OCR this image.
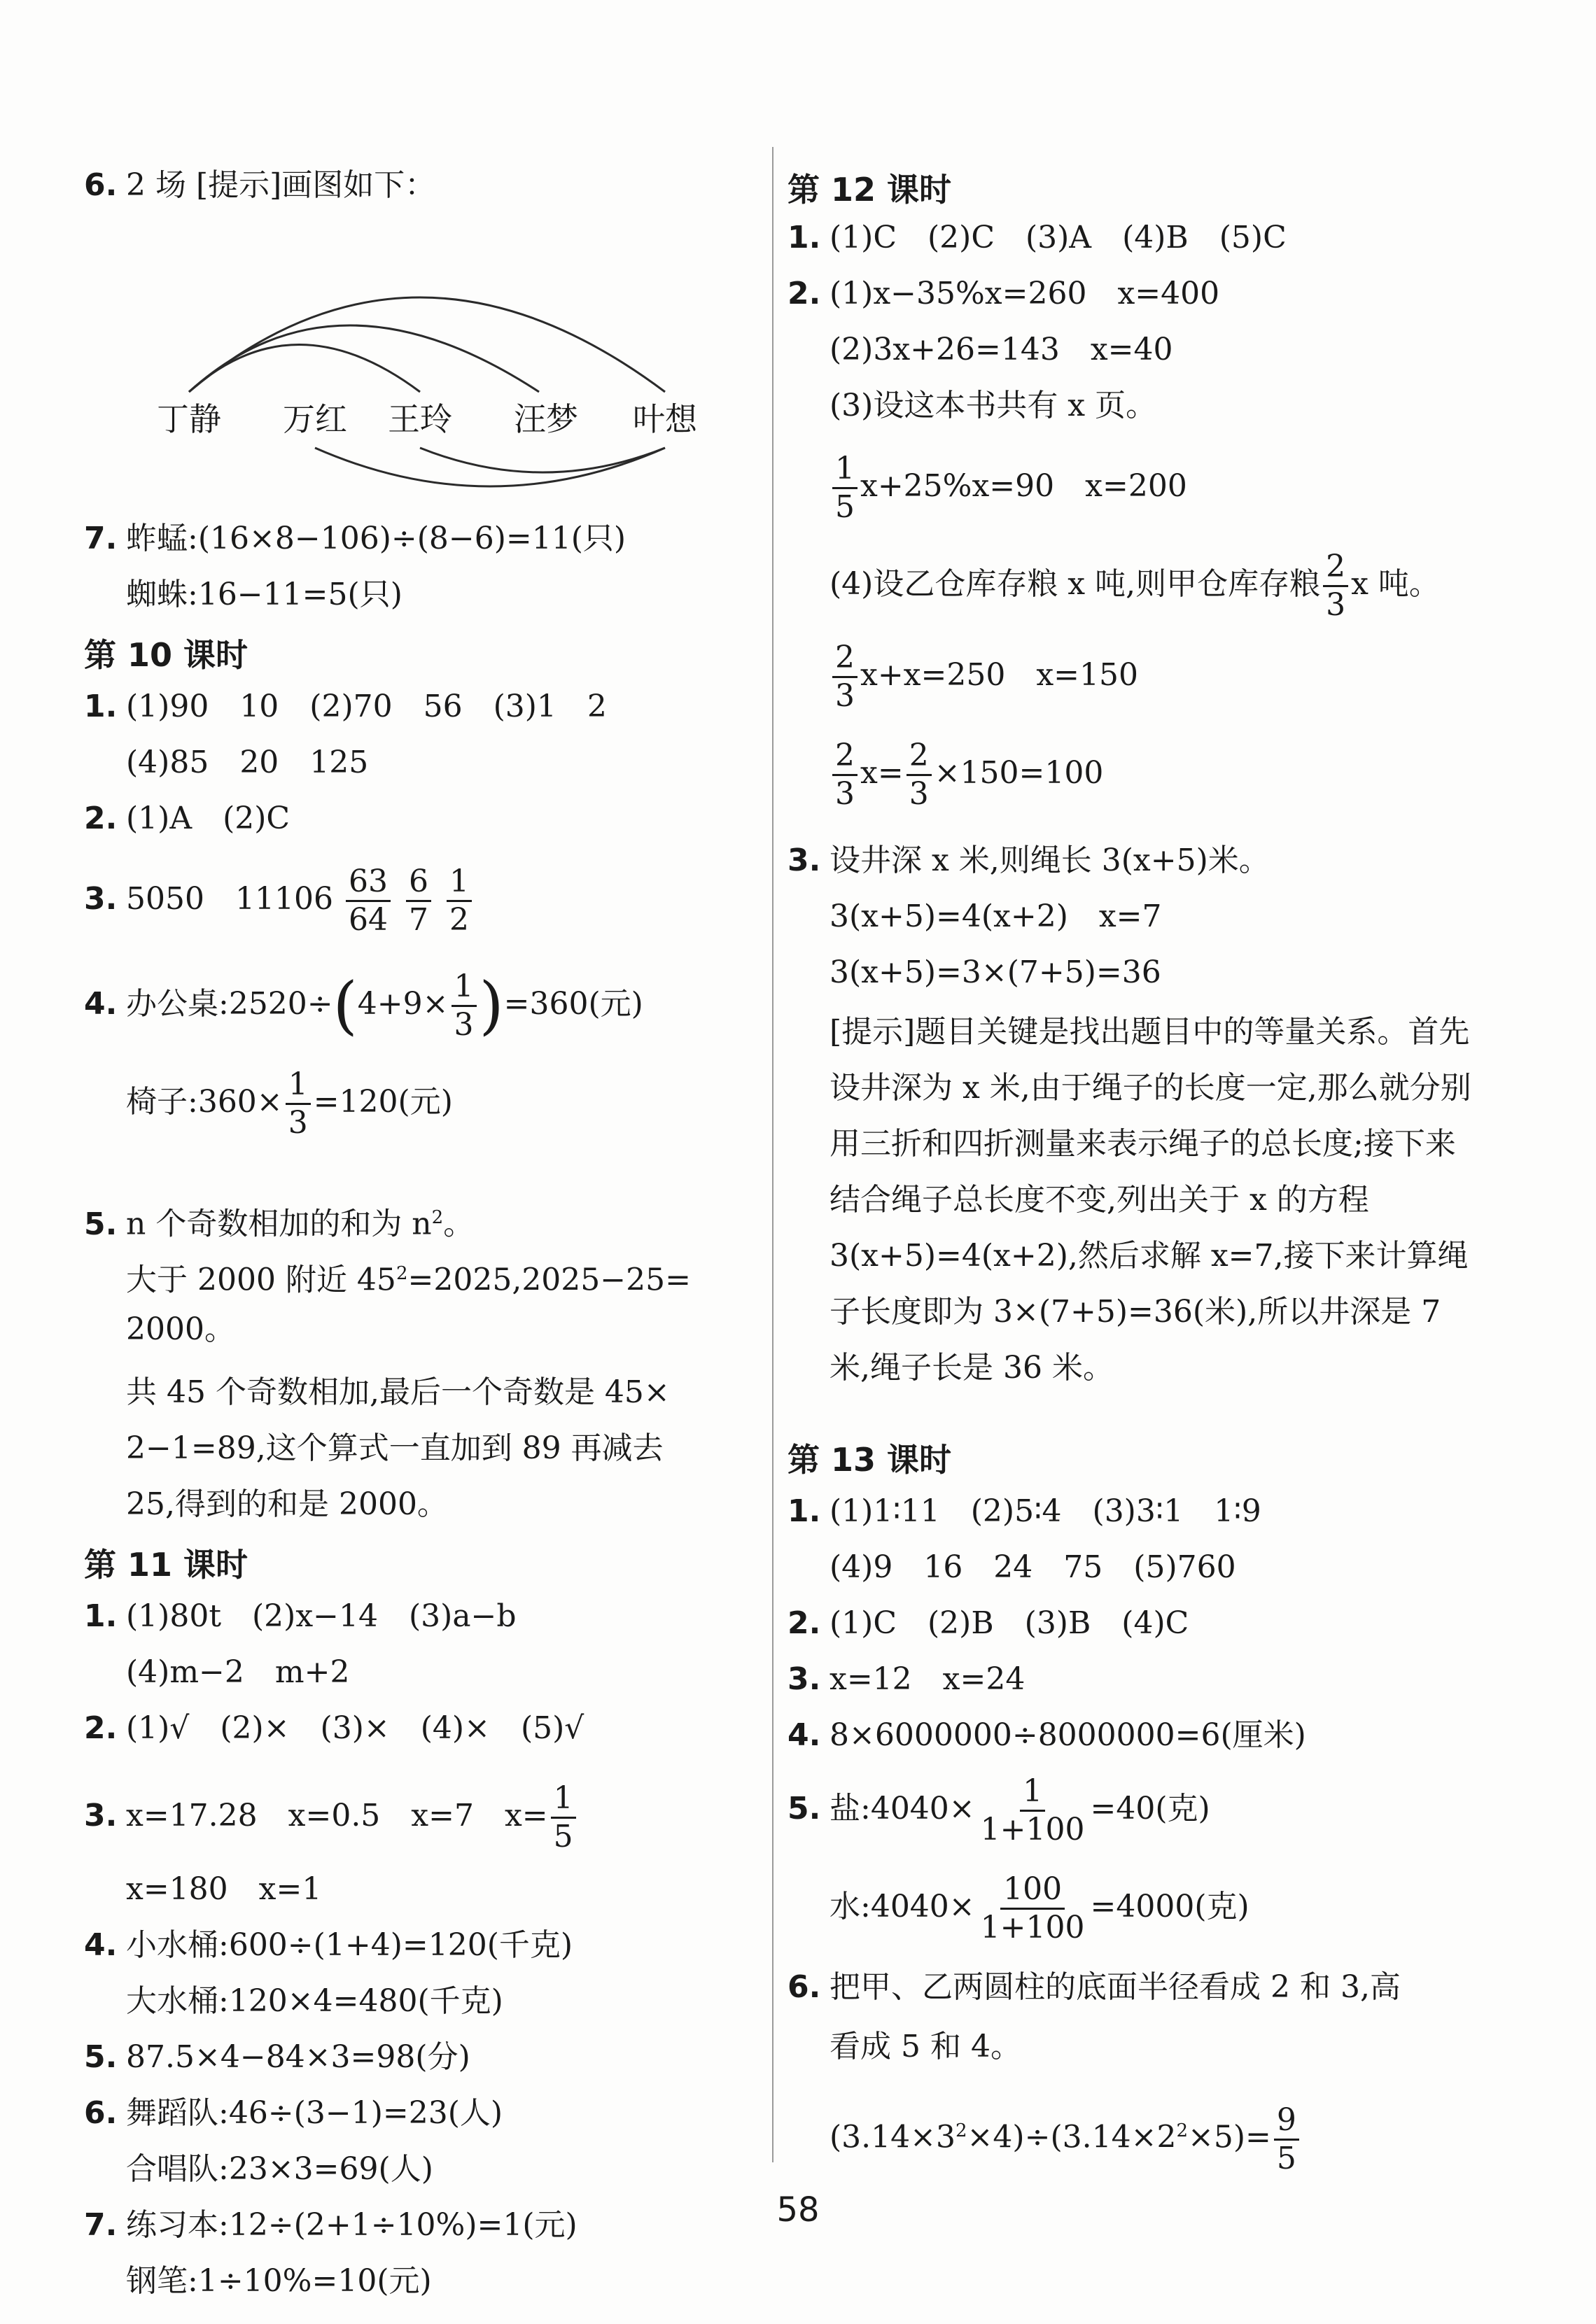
6. 2 场 [提示]画图如下：
丁静 万红 王玲 汪梦 叶想
7. 蚱蜢:(16×8−106)÷(8−6)=11(只)
蜘蛛:16−11=5(只)
第 10 课时
1. (1)90　10　(2)70　56　(3)1　2
(4)85　20　125
2. (1)A　(2)C
3. 5050　$11106 \frac{63}{64}$
$\frac{6}{7}$
$\frac{1}{2}$
4. 办公桌:2520÷(4+9× $\frac{1}{3} )=360$(元)
椅子:360× $\frac{1}{3} =120$(元)
5. n 个奇数相加的和为 $n^2$。
大于 2000 附近 $45^2=2025,2025-25=$
2000。
共 45 个奇数相加,最后一个奇数是 45×
2−1=89,这个算式一直加到 89 再减去
25,得到的和是 2000。
第 11 课时
1. (1)80t　(2)x−14　(3)a−b
(4)m−2　m+2
2. (1)√　(2)×　(3)×　(4)×　(5)√
3. x=17.28　x=0.5　x=7　$x= \frac{1}{5}$
x=180　x=1
4. 小水桶:600÷(1+4)=120(千克)
大水桶:120×4=480(千克)
5. 87.5×4−84×3=98(分)
6. 舞蹈队:46÷(3−1)=23(人)
合唱队:23×3=69(人)
7. 练习本:12÷(2+1÷10%)=1(元)
钢笔:1÷10%=10(元)
第 12 课时
1. (1)C　(2)C　(3)A　(4)B　(5)C
2. (1)x−35%x=260　x=400
(2)3x+26=143　x=40
(3)设这本书共有 x 页。
$\frac{1}{5} x+25\%x=90$　x=200
(4)设乙仓库存粮 x 吨,则甲仓库存粮 $\frac{2}{3}$ x 吨。
$\frac{2}{3} x+x=250$　x=150
$\frac{2}{3} x= \frac{2}{3} \times 150=100$
3. 设井深 x 米,则绳长 3(x+5)米。
3(x+5)=4(x+2)　x=7
3(x+5)=3×(7+5)=36
[提示]题目关键是找出题目中的等量关系。首先设井深为 x 米,由于绳子的长度一定,那么就分别用三折和四折测量来表示绳子的总长度;接下来结合绳子总长度不变,列出关于 x 的方程 3(x+5)=4(x+2),然后求解 x=7,接下来计算绳子长度即为 3×(7+5)=36(米),所以井深是 7 米,绳子长是 36 米。
第 13 课时
1. (1)1∶11　(2)5∶4　(3)3∶1　1∶9
(4)9　16　24　75　(5)760
2. (1)C　(2)B　(3)B　(4)C
3. x=12　x=24
4. 8×6000000÷8000000=6(厘米)
5. 盐:4040× $\frac{1}{1+100} =40$(克)
水:4040× $\frac{100}{1+100} =4000$(克)
6. 把甲、乙两圆柱的底面半径看成 2 和 3,高
看成 5 和 4。
$(3.14\times 3^2\times 4)\div(3.14\times 2^2\times 5)= \frac{9}{5}$
58
